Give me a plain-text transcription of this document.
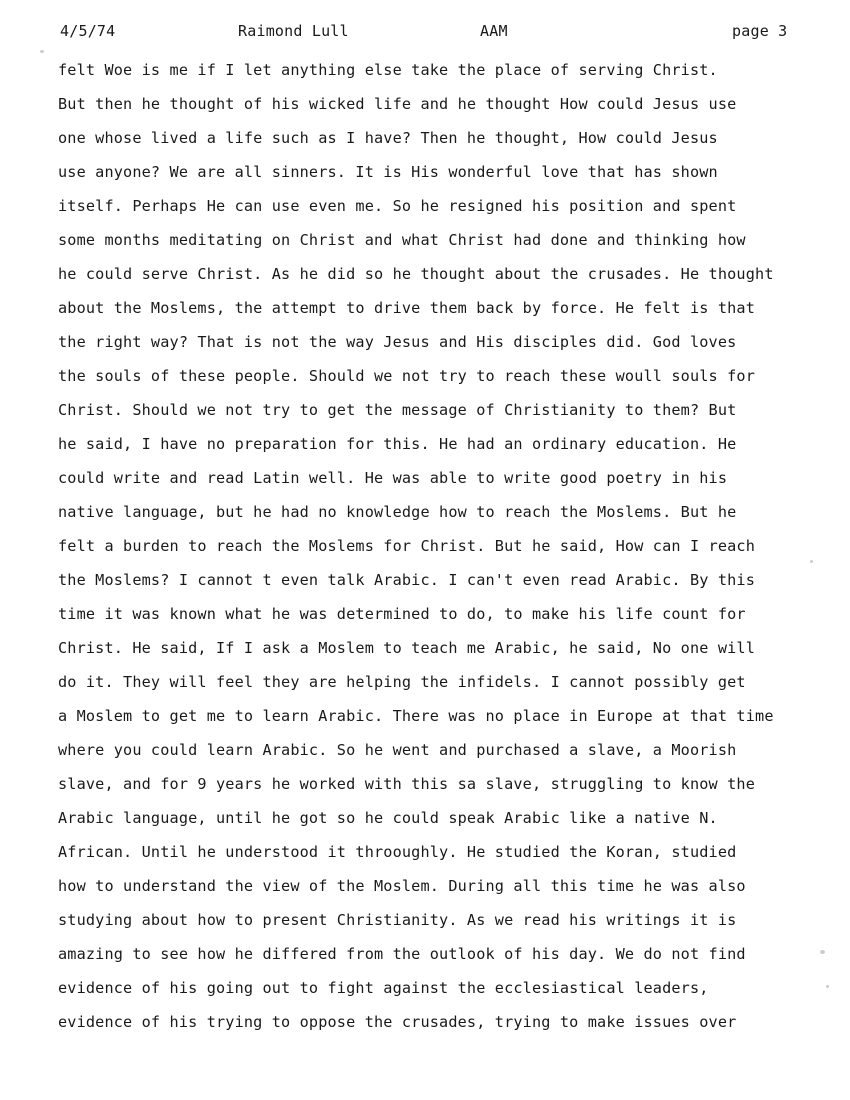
4/5/74	Raimond Lull	AAM	page 3
felt Woe is me if I let anything else take the place of serving Christ.
But then he thought of his wicked life and he thought How could Jesus use
one whose lived a life such as I have? Then he thought, How could Jesus
use anyone? We are all sinners. It is His wonderful love that has shown
itself. Perhaps He can use even me. So he resigned his position and spent
some months meditating on Christ and what Christ had done and thinking how
he could serve Christ. As he did so he thought about the crusades. He thought
about the Moslems, the attempt to drive them back by force. He felt is that
the right way? That is not the way Jesus and His disciples did. God loves
the souls of these people. Should we not try to reach these woull souls for
Christ. Should we not try to get the message of Christianity to them? But
he said, I have no preparation for this. He had an ordinary education. He
could write and read Latin well. He was able to write good poetry in his
native language, but he had no knowledge how to reach the Moslems. But he
felt a burden to reach the Moslems for Christ. But he said, How can I reach
the Moslems? I cannot t even talk Arabic. I can't even read Arabic. By this
time it was known what he was determined to do, to make his life count for
Christ. He said, If I ask a Moslem to teach me Arabic, he said, No one will
do it. They will feel they are helping the infidels. I cannot possibly get
a Moslem to get me to learn Arabic. There was no place in Europe at that time
where you could learn Arabic. So he went and purchased a slave, a Moorish
slave, and for 9 years he worked with this sa slave, struggling to know the
Arabic language, until he got so he could speak Arabic like a native N.
African. Until he understood it throoughly. He studied the Koran, studied
how to understand the view of the Moslem. During all this time he was also
studying about how to present Christianity. As we read his writings it is
amazing to see how he differed from the outlook of his day. We do not find
evidence of his going out to fight against the ecclesiastical leaders,
evidence of his trying to oppose the crusades, trying to make issues over
